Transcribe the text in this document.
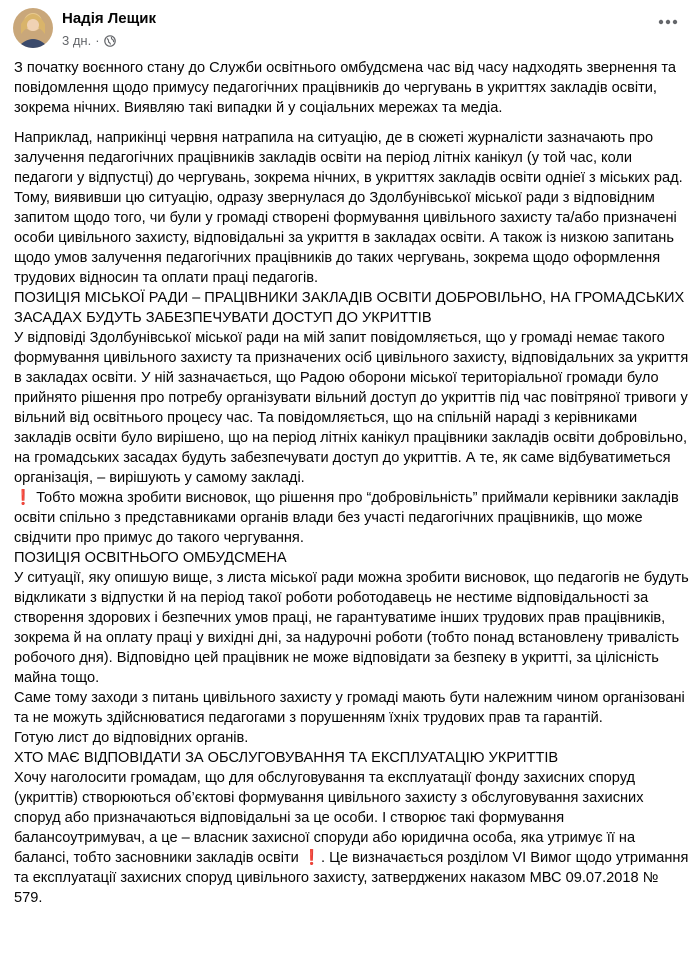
Надія Лещик
3 дн. ·

З початку воєнного стану до Служби освітнього омбудсмена час від часу надходять звернення та повідомлення щодо примусу педагогічних працівників до чергувань в укриттях закладів освіти, зокрема нічних. Виявляю такі випадки й у соціальних мережах та медіа.

Наприклад, наприкінці червня натрапила на ситуацію, де в сюжеті журналісти зазначають про залучення педагогічних працівників закладів освіти на період літніх канікул (у той час, коли педагоги у відпустці) до чергувань, зокрема нічних, в укриттях закладів освіти одніеї з міських рад. Тому, виявивши цю ситуацію, одразу звернулася до Здолбунівської міської ради з відповідним запитом щодо того, чи були у громаді створені формування цивільного захисту та/або призначені особи цивільного захисту, відповідальні за укриття в закладах освіти. А також із низкою запитань щодо умов залучення педагогічних працівників до таких чергувань, зокрема щодо оформлення трудових відносин та оплати праці педагогів.

ПОЗИЦІЯ МІСЬКОЇ РАДИ – ПРАЦІВНИКИ ЗАКЛАДІВ ОСВІТИ ДОБРОВІЛЬНО, НА ГРОМАДСЬКИХ ЗАСАДАХ БУДУТЬ ЗАБЕЗПЕЧУВАТИ ДОСТУП ДО УКРИТТІВ

У відповіді Здолбунівської міської ради на мій запит повідомляється, що у громаді немає такого формування цивільного захисту та призначених осіб цивільного захисту, відповідальних за укриття в закладах освіти. У ній зазначається, що Радою оборони міської територіальної громади було прийнято рішення про потребу організувати вільний доступ до укриттів під час повітряної тривоги у вільний від освітнього процесу час. Та повідомляється, що на спільній нараді з керівниками закладів освіти було вирішено, що на період літніх канікул працівники закладів освіти добровільно, на громадських засадах будуть забезпечувати доступ до укриттів. А те, як саме відбуватиметься організація, – вирішують у самому закладі.

❗ Тобто можна зробити висновок, що рішення про “добровільність” приймали керівники закладів освіти спільно з представниками органів влади без участі педагогічних працівників, що може свідчити про примус до такого чергування.

ПОЗИЦІЯ ОСВІТНЬОГО ОМБУДСМЕНА

У ситуації, яку опишую вище, з листа міської ради можна зробити висновок, що педагогів не будуть відкликати з відпустки й на період такої роботи роботодавець не нестиме відповідальності за створення здорових і безпечних умов праці, не гарантуватиме інших трудових прав працівників, зокрема й на оплату праці у вихідні дні, за надурочні роботи (тобто понад встановлену тривалість робочого дня). Відповідно цей працівник не може відповідати за безпеку в укритті, за цілісність майна тощо.

Саме тому заходи з питань цивільного захисту у громаді мають бути належним чином організовані та не можуть здійснюватися педагогами з порушенням їхніх трудових прав та гарантій.

Готую лист до відповідних органів.

ХТО МАЄ ВІДПОВІДАТИ ЗА ОБСЛУГОВУВАННЯ ТА ЕКСПЛУАТАЦІЮ УКРИТТІВ

Хочу наголосити громадам, що для обслуговування та експлуатації фонду захисних споруд (укриттів) створюються об’єктові формування цивільного захисту з обслуговування захисних споруд або призначаються відповідальні за це особи. І створює такі формування балансоутримувач, а це – власник захисної споруди або юридична особа, яка утримує її на балансі, тобто засновники закладів освіти ❗. Це визначається розділом VI Вимог щодо утримання та експлуатації захисних споруд цивільного захисту, затверджених наказом МВС 09.07.2018 № 579.
